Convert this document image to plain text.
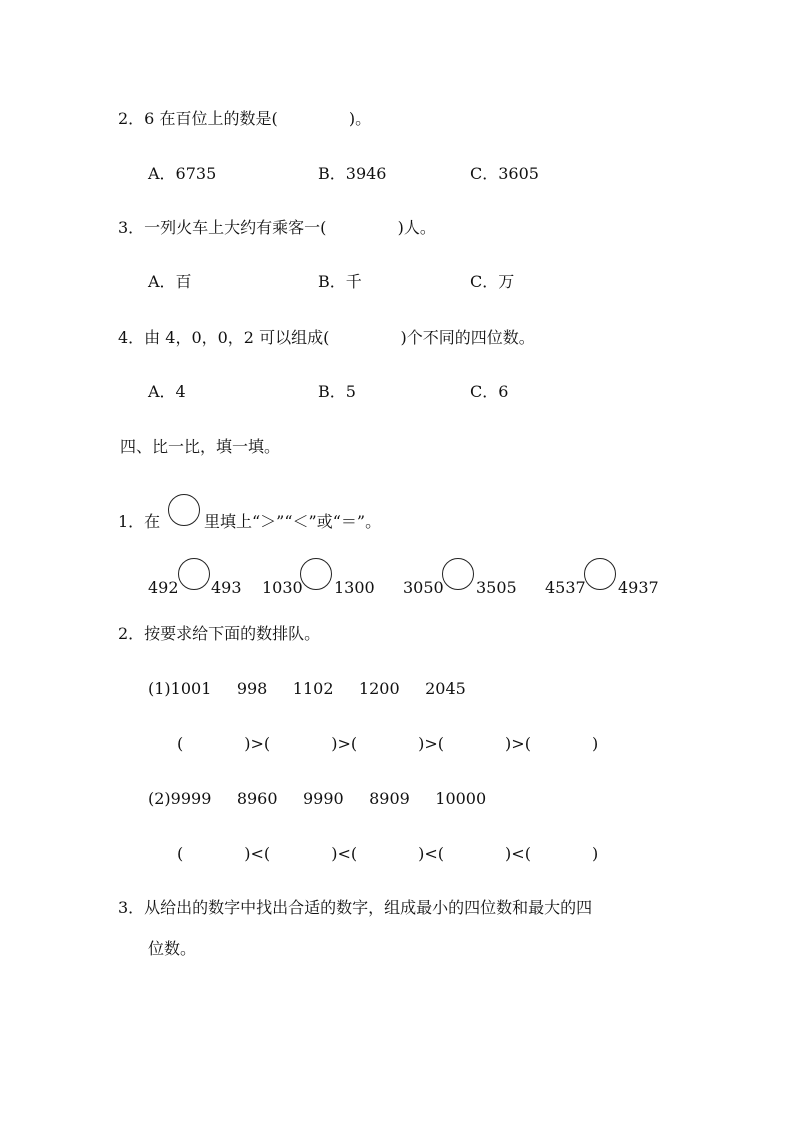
2．6 在百位上的数是(              )。
A．6735	B．3946	C．3605
3．一列火车上大约有乘客一(              )人。
A．百	B．千	C．万
4．由 4，0，0，2 可以组成(              )个不同的四位数。
A．4	B．5	C．6
四、比一比，填一填。
1．在	里填上“＞”“＜”或“＝”。
492 493 1030 1300 3050 3505 4537 4937
2．按要求给下面的数排队。
(1)1001     998     1102     1200     2045
(            )>(            )>(            )>(            )>(            )
(2)9999     8960     9990     8909     10000
(            )<(            )<(            )<(            )<(            )
3．从给出的数字中找出合适的数字，组成最小的四位数和最大的四
位数。
